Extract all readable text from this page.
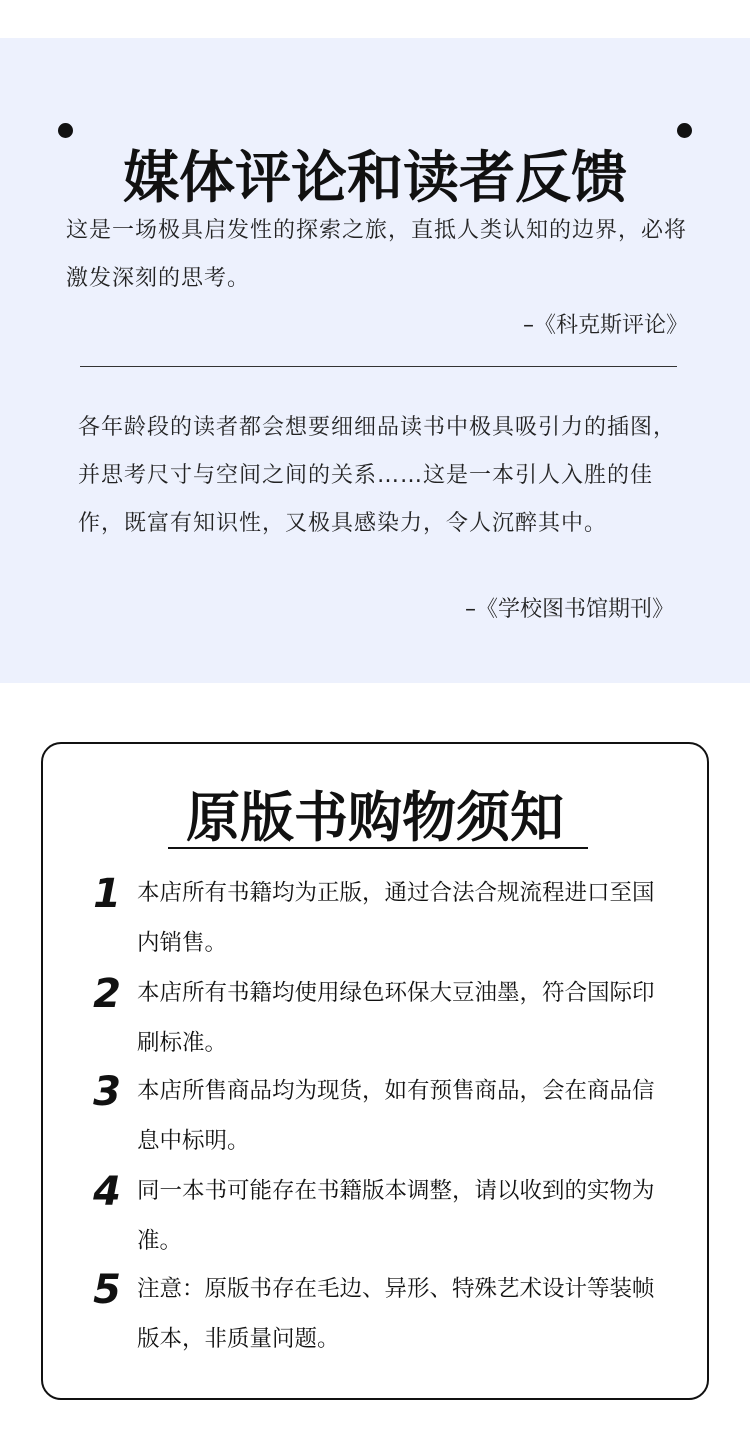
媒体评论和读者反馈

这是一场极具启发性的探索之旅，直抵人类认知的边界，必将激发深刻的思考。

–《科克斯评论》

各年龄段的读者都会想要细细品读书中极具吸引力的插图，并思考尺寸与空间之间的关系……这是一本引人入胜的佳作，既富有知识性，又极具感染力，令人沉醉其中。

–《学校图书馆期刊》
原版书购物须知
1 本店所有书籍均为正版，通过合法合规流程进口至国内销售。

2 本店所有书籍均使用绿色环保大豆油墨，符合国际印刷标准。

3 本店所售商品均为现货，如有预售商品，会在商品信息中标明。

4 同一本书可能存在书籍版本调整，请以收到的实物为准。

5 注意：原版书存在毛边、异形、特殊艺术设计等装帧版本，非质量问题。
